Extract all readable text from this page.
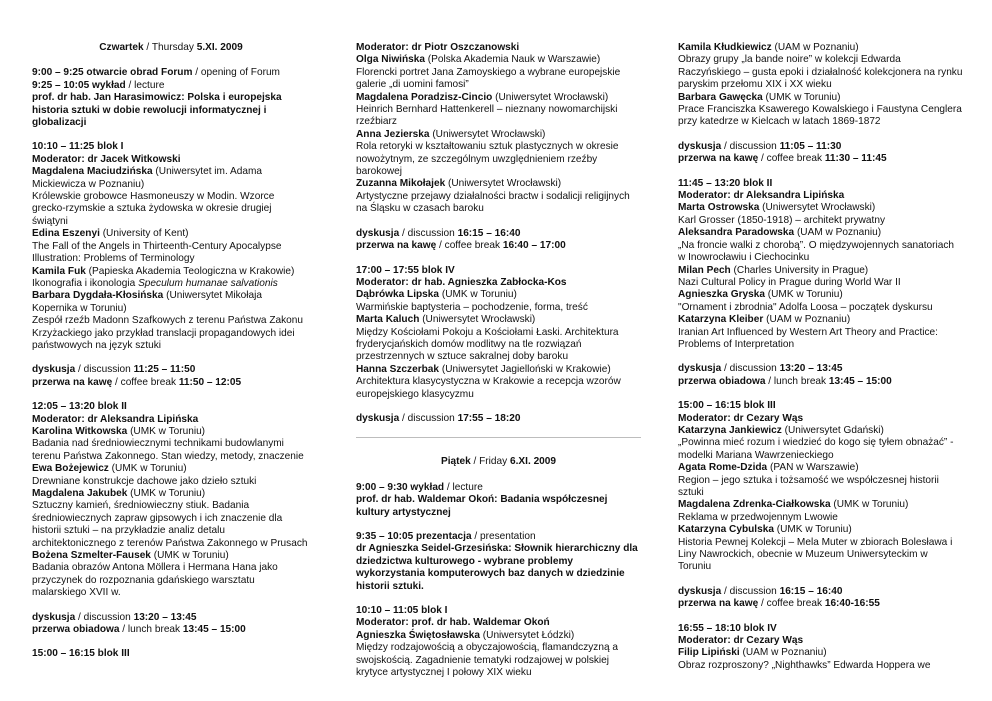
Czwartek / Thursday 5.XI. 2009
9:00 – 9:25 otwarcie obrad Forum / opening of Forum
9:25 – 10:05 wykład / lecture
prof. dr hab. Jan Harasimowicz: Polska i europejska historia sztuki w dobie rewolucji informatycznej i globalizacji
10:10 – 11:25 blok I
Moderator: dr Jacek Witkowski
Magdalena Maciudzińska (Uniwersytet im. Adama Mickiewicza w Poznaniu)
Królewskie grobowce Hasmoneuszy w Modin. Wzorce grecko-rzymskie a sztuka żydowska w okresie drugiej świątyni
Edina Eszenyi (University of Kent)
The Fall of the Angels in Thirteenth-Century Apocalypse Illustration: Problems of Terminology
Kamila Fuk (Papieska Akademia Teologiczna w Krakowie)
Ikonografia i ikonologia Speculum humanae salvationis
Barbara Dygdała-Kłosińska (Uniwersytet Mikołaja Kopernika w Toruniu)
Zespół rzeźb Madonn Szafkowych z terenu Państwa Zakonu Krzyżackiego jako przykład translacji propagandowych idei państwowych na język sztuki
dyskusja / discussion 11:25 – 11:50
przerwa na kawę / coffee break 11:50 – 12:05
12:05 – 13:20 blok II
Moderator: dr Aleksandra Lipińska
Karolina Witkowska (UMK w Toruniu)
Badania nad średniowiecznymi technikami budowlanymi terenu Państwa Zakonnego. Stan wiedzy, metody, znaczenie
Ewa Bożejewicz (UMK w Toruniu)
Drewniane konstrukcje dachowe jako dzieło sztuki
Magdalena Jakubek (UMK w Toruniu)
Sztuczny kamień, średniowieczny stiuk. Badania średniowiecznych zapraw gipsowych i ich znaczenie dla historii sztuki – na przykładzie analiz detalu architektonicznego z terenów Państwa Zakonnego w Prusach
Bożena Szmelter-Fausek (UMK w Toruniu)
Badania obrazów Antona Möllera i Hermana Hana jako przyczynek do rozpoznania gdańskiego warsztatu malarskiego XVII w.
dyskusja / discussion 13:20 – 13:45
przerwa obiadowa / lunch break 13:45 – 15:00
15:00 – 16:15 blok III
Moderator: dr Piotr Oszczanowski
Olga Niwińska (Polska Akademia Nauk w Warszawie)
Florencki portret Jana Zamoyskiego a wybrane europejskie galerie „di uomini famosi”
Magdalena Poradzisz-Cincio (Uniwersytet Wrocławski)
Heinrich Bernhard Hattenkerell – nieznany nowomarchijski rzeźbiarz
Anna Jezierska (Uniwersytet Wrocławski)
Rola retoryki w kształtowaniu sztuk plastycznych w okresie nowożytnym, ze szczególnym uwzględnieniem rzeźby barokowej
Zuzanna Mikołajek (Uniwersytet Wrocławski)
Artystyczne przejawy działalności bractw i sodalicji religijnych na Śląsku w czasach baroku
dyskusja / discussion 16:15 – 16:40
przerwa na kawę / coffee break 16:40 – 17:00
17:00 – 17:55 blok IV
Moderator: dr hab. Agnieszka Zabłocka-Kos
Dąbrówka Lipska (UMK w Toruniu)
Warmińskie baptysteria – pochodzenie, forma, treść
Marta Kaluch (Uniwersytet Wrocławski)
Między Kościołami Pokoju a Kościołami Łaski. Architektura fryderycjańskich domów modlitwy na tle rozwiązań przestrzennych w sztuce sakralnej doby baroku
Hanna Szczerbak (Uniwersytet Jagielloński w Krakowie)
Architektura klasycystyczna w Krakowie a recepcja wzorów europejskiego klasycyzmu
dyskusja / discussion 17:55 – 18:20
Piątek / Friday 6.XI. 2009
9:00 – 9:30 wykład / lecture
prof. dr hab. Waldemar Okoń: Badania współczesnej kultury artystycznej
9:35 – 10:05 prezentacja / presentation
dr Agnieszka Seidel-Grzesińska: Słownik hierarchiczny dla dziedzictwa kulturowego - wybrane problemy wykorzystania komputerowych baz danych w dziedzinie historii sztuki.
10:10 – 11:05 blok I
Moderator: prof. dr hab. Waldemar Okoń
Agnieszka Świętosławska (Uniwersytet Łódzki)
Między rodzajowością a obyczajowością, flamandczyzną a swojskością. Zagadnienie tematyki rodzajowej w polskiej krytyce artystycznej I połowy XIX wieku
Kamila Kłudkiewicz (UAM w Poznaniu)
Obrazy grupy „la bande noire” w kolekcji Edwarda Raczyńskiego – gusta epoki i działalność kolekcjonera na rynku paryskim przełomu XIX i XX wieku
Barbara Gawęcka (UMK w Toruniu)
Prace Franciszka Ksawerego Kowalskiego i Faustyna Cenglera przy katedrze w Kielcach w latach 1869-1872
dyskusja / discussion 11:05 – 11:30
przerwa na kawę / coffee break 11:30 – 11:45
11:45 – 13:20 blok II
Moderator: dr Aleksandra Lipińska
Marta Ostrowska (Uniwersytet Wrocławski)
Karl Grosser (1850-1918) – architekt prywatny
Aleksandra Paradowska (UAM w Poznaniu)
„Na froncie walki z chorobą”. O międzywojennych sanatoriach w Inowrocławiu i Ciechocinku
Milan Pech (Charles University in Prague)
Nazi Cultural Policy in Prague during World War II
Agnieszka Gryska (UMK w Toruniu)
"Ornament i zbrodnia" Adolfa Loosa – początek dyskursu
Katarzyna Kleiber (UAM w Poznaniu)
Iranian Art Influenced by Western Art Theory and Practice: Problems of Interpretation
dyskusja / discussion 13:20 – 13:45
przerwa obiadowa / lunch break 13:45 – 15:00
15:00 – 16:15 blok III
Moderator: dr Cezary Wąs
Katarzyna Jankiewicz (Uniwersytet Gdański)
„Powinna mieć rozum i wiedzieć do kogo się tyłem obnażać” - modelki Mariana Wawrzenieckiego
Agata Rome-Dzida (PAN w Warszawie)
Region – jego sztuka i tożsamość we współczesnej historii sztuki
Magdalena Zdrenka-Ciałkowska (UMK w Toruniu)
Reklama w przedwojennym Lwowie
Katarzyna Cybulska (UMK w Toruniu)
Historia Pewnej Kolekcji – Mela Muter w zbiorach Bolesława i Liny Nawrockich, obecnie w Muzeum Uniwersyteckim w Toruniu
dyskusja / discussion 16:15 – 16:40
przerwa na kawę / coffee break 16:40-16:55
16:55 – 18:10 blok IV
Moderator: dr Cezary Wąs
Filip Lipiński (UAM w Poznaniu)
Obraz rozproszony? „Nighthawks” Edwarda Hoppera we
